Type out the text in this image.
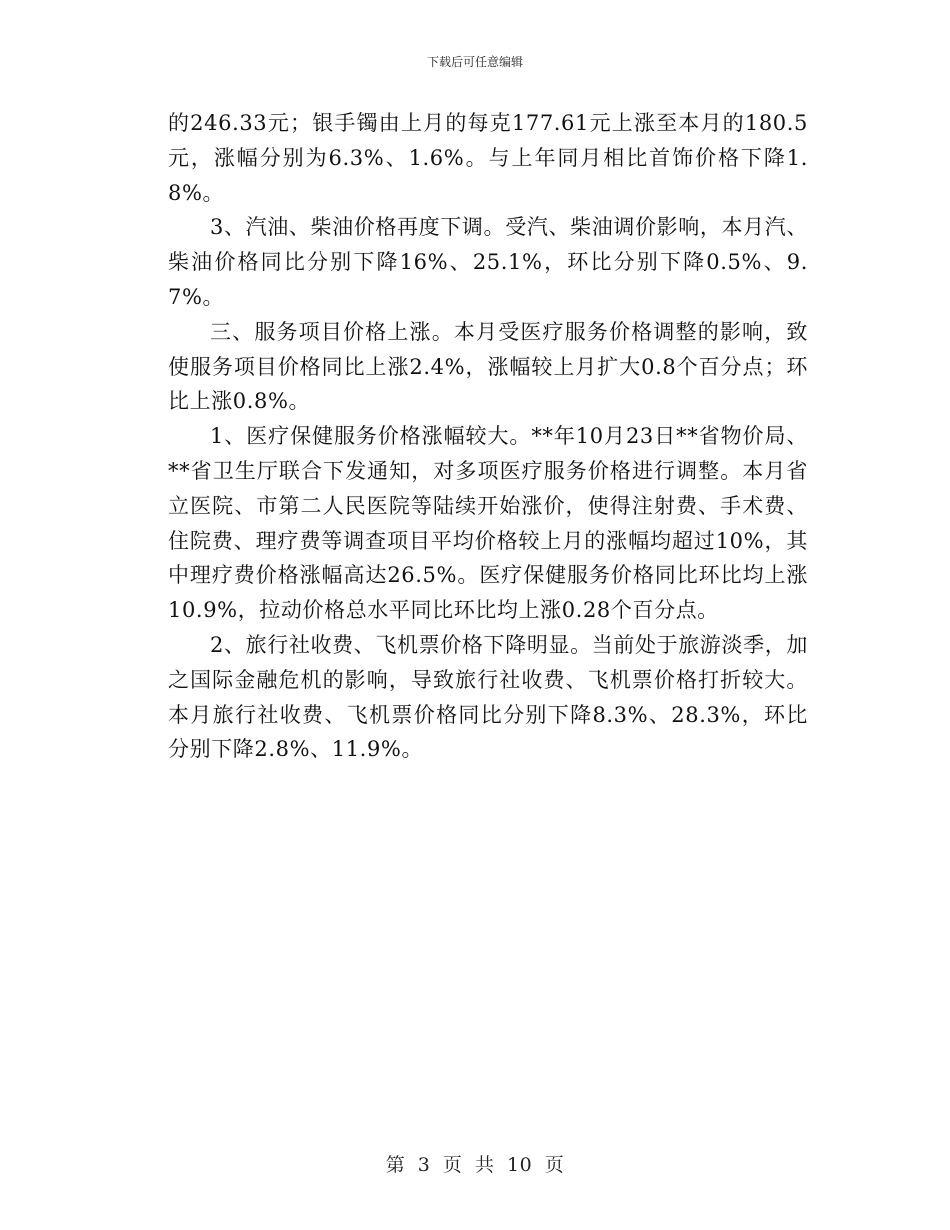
下载后可任意编辑

的246.33元；银手镯由上月的每克177.61元上涨至本月的180.5元，涨幅分别为6.3%、1.6%。与上年同月相比首饰价格下降1.8%。

3、汽油、柴油价格再度下调。受汽、柴油调价影响，本月汽、柴油价格同比分别下降16%、25.1%，环比分别下降0.5%、9.7%。

三、服务项目价格上涨。本月受医疗服务价格调整的影响，致使服务项目价格同比上涨2.4%，涨幅较上月扩大0.8个百分点；环比上涨0.8%。

1、医疗保健服务价格涨幅较大。**年10月23日**省物价局、**省卫生厅联合下发通知，对多项医疗服务价格进行调整。本月省立医院、市第二人民医院等陆续开始涨价，使得注射费、手术费、住院费、理疗费等调查项目平均价格较上月的涨幅均超过10%，其中理疗费价格涨幅高达26.5%。医疗保健服务价格同比环比均上涨10.9%，拉动价格总水平同比环比均上涨0.28个百分点。

2、旅行社收费、飞机票价格下降明显。当前处于旅游淡季，加之国际金融危机的影响，导致旅行社收费、飞机票价格打折较大。本月旅行社收费、飞机票价格同比分别下降8.3%、28.3%，环比分别下降2.8%、11.9%。

第 3 页 共 10 页
